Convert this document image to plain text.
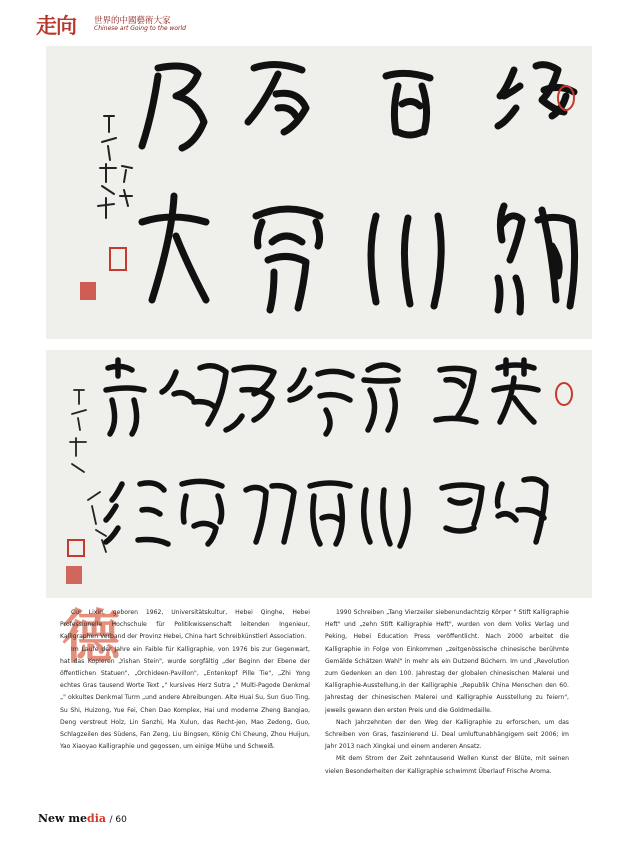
走向 世界的中國藝術大家
Chinese art Going to the world
德

Cui Lixin, geboren 1962, Universitätskultur, Hebei Qinghe, Hebei Professionelle Hochschule für Politikwissenschaft leitenden Ingenieur, Kalligraphen Verband der Provinz Hebei, China hart Schreibkünstlerl Association.

Im Laufe der Jahre ein Faible für Kalligraphie, von 1976 bis zur Gegenwart, hat das Kopieren „Yishan Stein", wurde sorgfältig „der Beginn der Ebene der öffentlichen Statuen", „Orchideen-Pavillon", „Entenkopf Pille Tie", „Zhi Yong echtes Gras tausend Worte Text „" kursives Herz Sutra „" Multi-Pagode Denkmal „" okkultes Denkmal Turm „und andere Abreibungen. Alte Huai Su, Sun Guo Ting, Su Shi, Huizong, Yue Fei, Chen Dao Komplex, Hai und moderne Zheng Banqiao, Deng verstreut Holz, Lin Sanzhi, Ma Xulun, das Recht-jen, Mao Zedong, Guo, Schlagzeilen des Südens, Fan Zeng, Liu Bingsen, König Chi Cheung, Zhou Huijun, Yao Xiaoyao Kalligraphie und gegossen, um einige Mühe und Schweiß.

1990 Schreiben „Tang Vierzeiler siebenundachtzig Körper " Stift Kalligraphie Heft" und „zehn Stift Kalligraphie Heft", wurden von dem Volks Verlag und Peking, Hebei Education Press veröffentlicht. Nach 2000 arbeitet die Kalligraphie in Folge von Einkommen „zeitgenössische chinesische berühmte Gemälde Schätzen Wahl" in mehr als ein Dutzend Büchern. Im und „Revolution zum Gedenken an den 100. Jahrestag der globalen chinesischen Malerei und Kalligraphie-Ausstellung,in der Kalligraphie „Republik China Menschen den 60. Jahrestag der chinesischen Malerei und Kalligraphie Ausstellung zu feiern", jeweils gewann den ersten Preis und die Goldmedaille.

Nach Jahrzehnten der den Weg der Kalligraphie zu erforschen, um das Schreiben von Gras, faszinierend Li. Deal umluftunabhängigem seit 2006; im Jahr 2013 nach Xingkai und einem anderen Ansatz.

Mit dem Strom der Zeit zehntausend Wellen Kunst der Blüte, mit seinen vielen Besonderheiten der Kalligraphie schwimmt Überlauf Frische Aroma.

New media / 60
